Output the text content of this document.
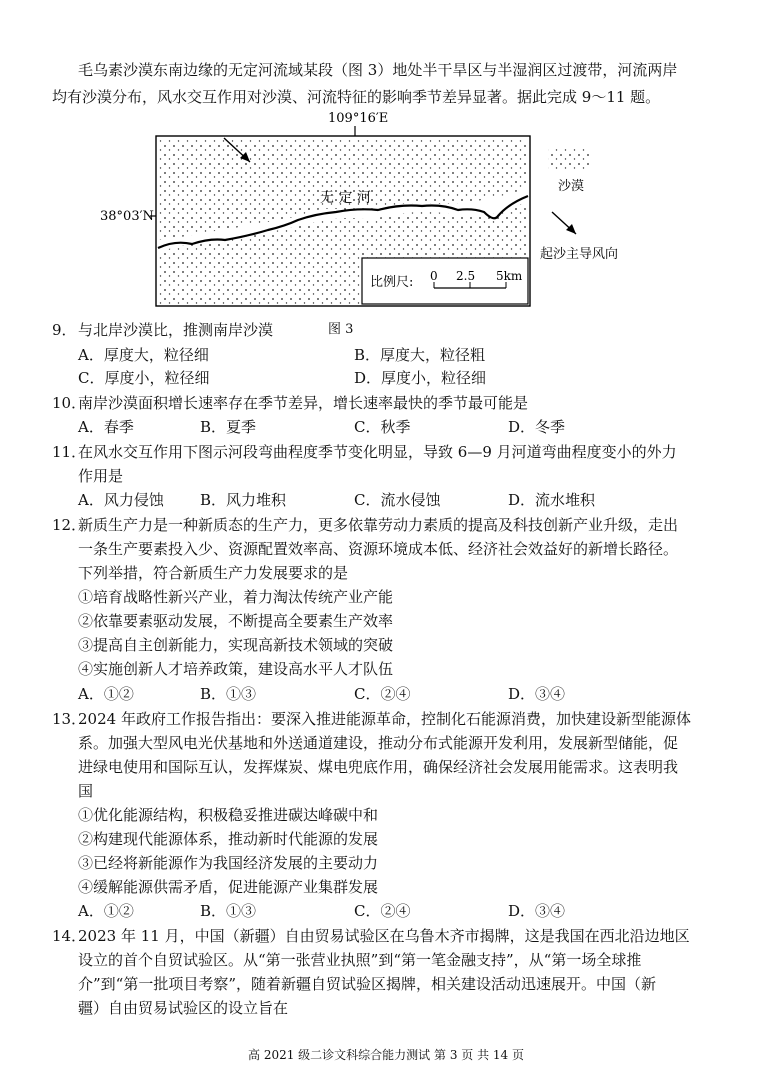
毛乌素沙漠东南边缘的无定河流域某段（图 3）地处半干旱区与半湿润区过渡带，河流两岸
均有沙漠分布，风水交互作用对沙漠、河流特征的影响季节差异显著。据此完成 9～11 题。
109°16′E
无 定 河
38°03′N
比例尺: 0 2.5 5km
沙漠
起沙主导风向
图 3
9． 与北岸沙漠比，推测南岸沙漠
A．厚度大，粒径细	B．厚度大，粒径粗
C．厚度小，粒径细	D．厚度小，粒径细
10．
南岸沙漠面积增长速率存在季节差异，增长速率最快的季节最可能是
A．春季	B．夏季	C．秋季	D．冬季
11．
在风水交互作用下图示河段弯曲程度季节变化明显，导致 6—9 月河道弯曲程度变小的外力
作用是
A．风力侵蚀 B．风力堆积	C．流水侵蚀	D．流水堆积
12．
新质生产力是一种新质态的生产力，更多依靠劳动力素质的提高及科技创新产业升级，走出
一条生产要素投入少、资源配置效率高、资源环境成本低、经济社会效益好的新增长路径。
下列举措，符合新质生产力发展要求的是
①培育战略性新兴产业，着力淘汰传统产业产能
②依靠要素驱动发展，不断提高全要素生产效率
③提高自主创新能力，实现高新技术领域的突破
④实施创新人才培养政策，建设高水平人才队伍
A．①②	B．①③	C．②④	D．③④
13．
2024 年政府工作报告指出：要深入推进能源革命，控制化石能源消费，加快建设新型能源体
系。加强大型风电光伏基地和外送通道建设，推动分布式能源开发利用，发展新型储能，促
进绿电使用和国际互认，发挥煤炭、煤电兜底作用，确保经济社会发展用能需求。这表明我
国
①优化能源结构，积极稳妥推进碳达峰碳中和
②构建现代能源体系，推动新时代能源的发展
③已经将新能源作为我国经济发展的主要动力
④缓解能源供需矛盾，促进能源产业集群发展
A．①②	B．①③	C．②④	D．③④
14．
2023 年 11 月，中国（新疆）自由贸易试验区在乌鲁木齐市揭牌，这是我国在西北沿边地区
设立的首个自贸试验区。从“第一张营业执照”到“第一笔金融支持”，从“第一场全球推
介”到“第一批项目考察”，随着新疆自贸试验区揭牌，相关建设活动迅速展开。中国（新
疆）自由贸易试验区的设立旨在
高 2021 级二诊文科综合能力测试 第 3 页 共 14 页
